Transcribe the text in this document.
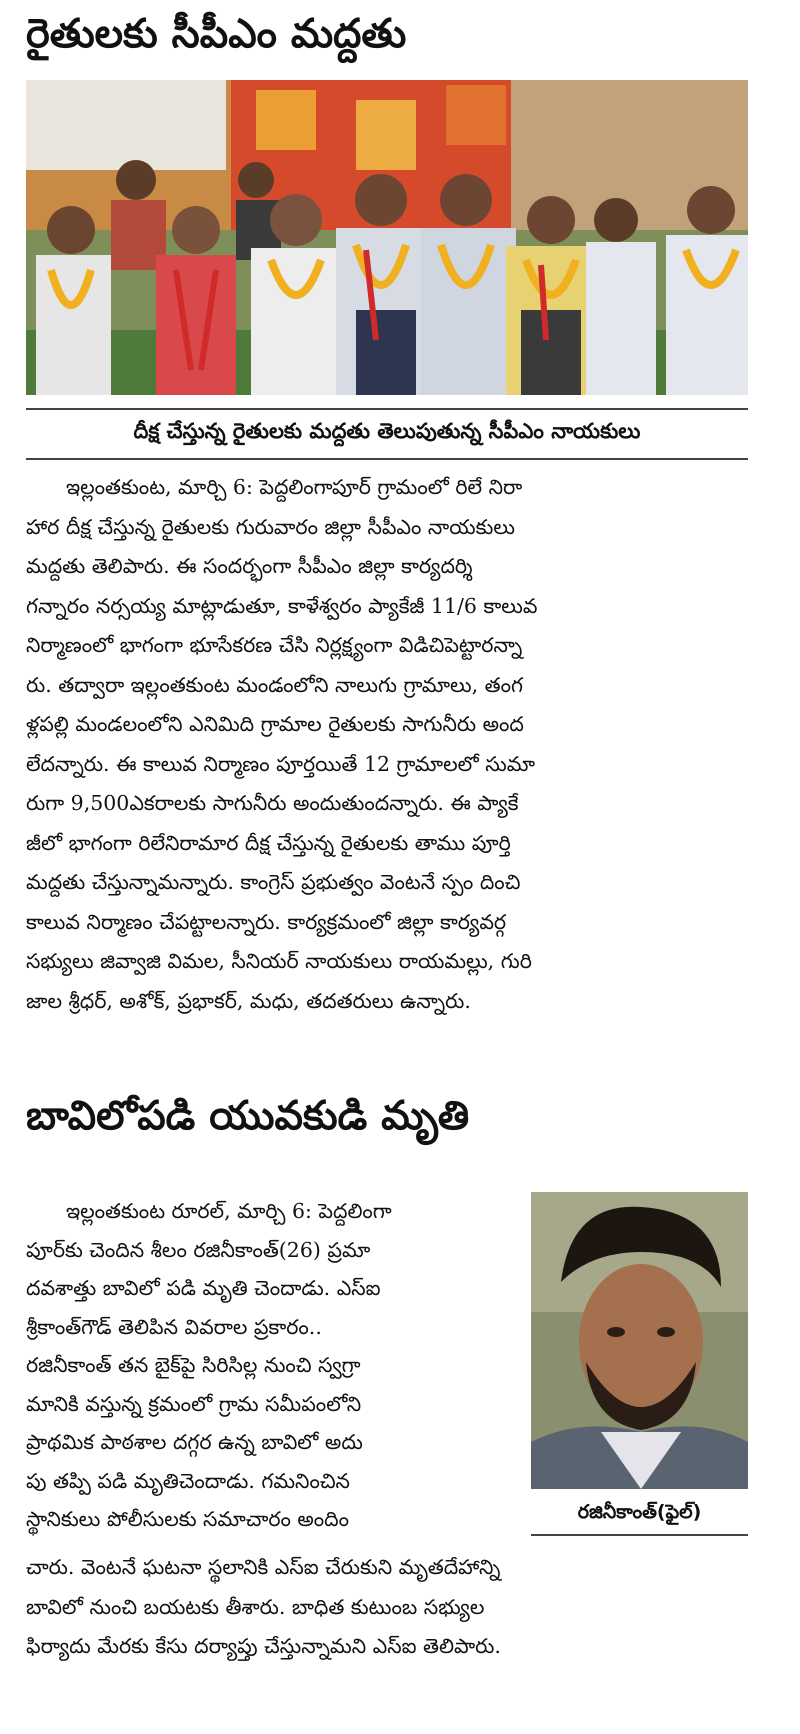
రైతులకు సీపీఎం మద్దతు
దీక్ష చేస్తున్న రైతులకు మద్దతు తెలుపుతున్న సీపీఎం నాయకులు
ఇల్లంతకుంట, మార్చి 6: పెద్దలింగాపూర్ గ్రామంలో రిలే నిరా
హార దీక్ష చేస్తున్న రైతులకు గురువారం జిల్లా సీపీఎం నాయకులు
మద్దతు తెలిపారు. ఈ సందర్భంగా సీపీఎం జిల్లా కార్యదర్శి
గన్నారం నర్సయ్య మాట్లాడుతూ, కాళేశ్వరం ప్యాకేజీ 11/6 కాలువ
నిర్మాణంలో భాగంగా భూసేకరణ చేసి నిర్లక్ష్యంగా విడిచిపెట్టారన్నా
రు. తద్వారా ఇల్లంతకుంట మండంలోని నాలుగు గ్రామాలు, తంగ
ళ్లపల్లి మండలంలోని ఎనిమిది గ్రామాల రైతులకు సాగునీరు అంద
లేదన్నారు. ఈ కాలువ నిర్మాణం పూర్తయితే 12 గ్రామాలలో సుమా
రుగా 9,500ఎకరాలకు సాగునీరు అందుతుందన్నారు. ఈ ప్యాకే
జీలో భాగంగా రిలేనిరామార దీక్ష చేస్తున్న రైతులకు తాము పూర్తి
మద్దతు చేస్తున్నామన్నారు. కాంగ్రెస్ ప్రభుత్వం వెంటనే స్పం దించి
కాలువ నిర్మాణం చేపట్టాలన్నారు. కార్యక్రమంలో జిల్లా కార్యవర్గ
సభ్యులు జివ్వాజి విమల, సీనియర్ నాయకులు రాయమల్లు, గురి
జాల శ్రీధర్, అశోక్, ప్రభాకర్, మధు, తదతరులు ఉన్నారు.
బావిలోపడి యువకుడి మృతి
ఇల్లంతకుంట రూరల్, మార్చి 6: పెద్దలింగా
పూర్‌కు చెందిన శీలం రజినీకాంత్(26) ప్రమా
దవశాత్తు బావిలో పడి మృతి చెందాడు. ఎస్ఐ
శ్రీకాంత్‌గౌడ్ తెలిపిన వివరాల ప్రకారం..
రజినీకాంత్ తన బైక్‌పై సిరిసిల్ల నుంచి స్వగ్రా
మానికి వస్తున్న క్రమంలో గ్రామ సమీపంలోని
ప్రాథమిక పాఠశాల దగ్గర ఉన్న బావిలో అదు
పు తప్పి పడి మృతిచెందాడు. గమనించిన
స్థానికులు పోలీసులకు సమాచారం అందిం	రజినీకాంత్(ఫైల్)
చారు. వెంటనే ఘటనా స్థలానికి ఎస్ఐ చేరుకుని మృతదేహాన్ని
బావిలో నుంచి బయటకు తీశారు. బాధిత కుటుంబ సభ్యుల
ఫిర్యాదు మేరకు కేసు దర్యాప్తు చేస్తున్నామని ఎస్ఐ తెలిపారు.
